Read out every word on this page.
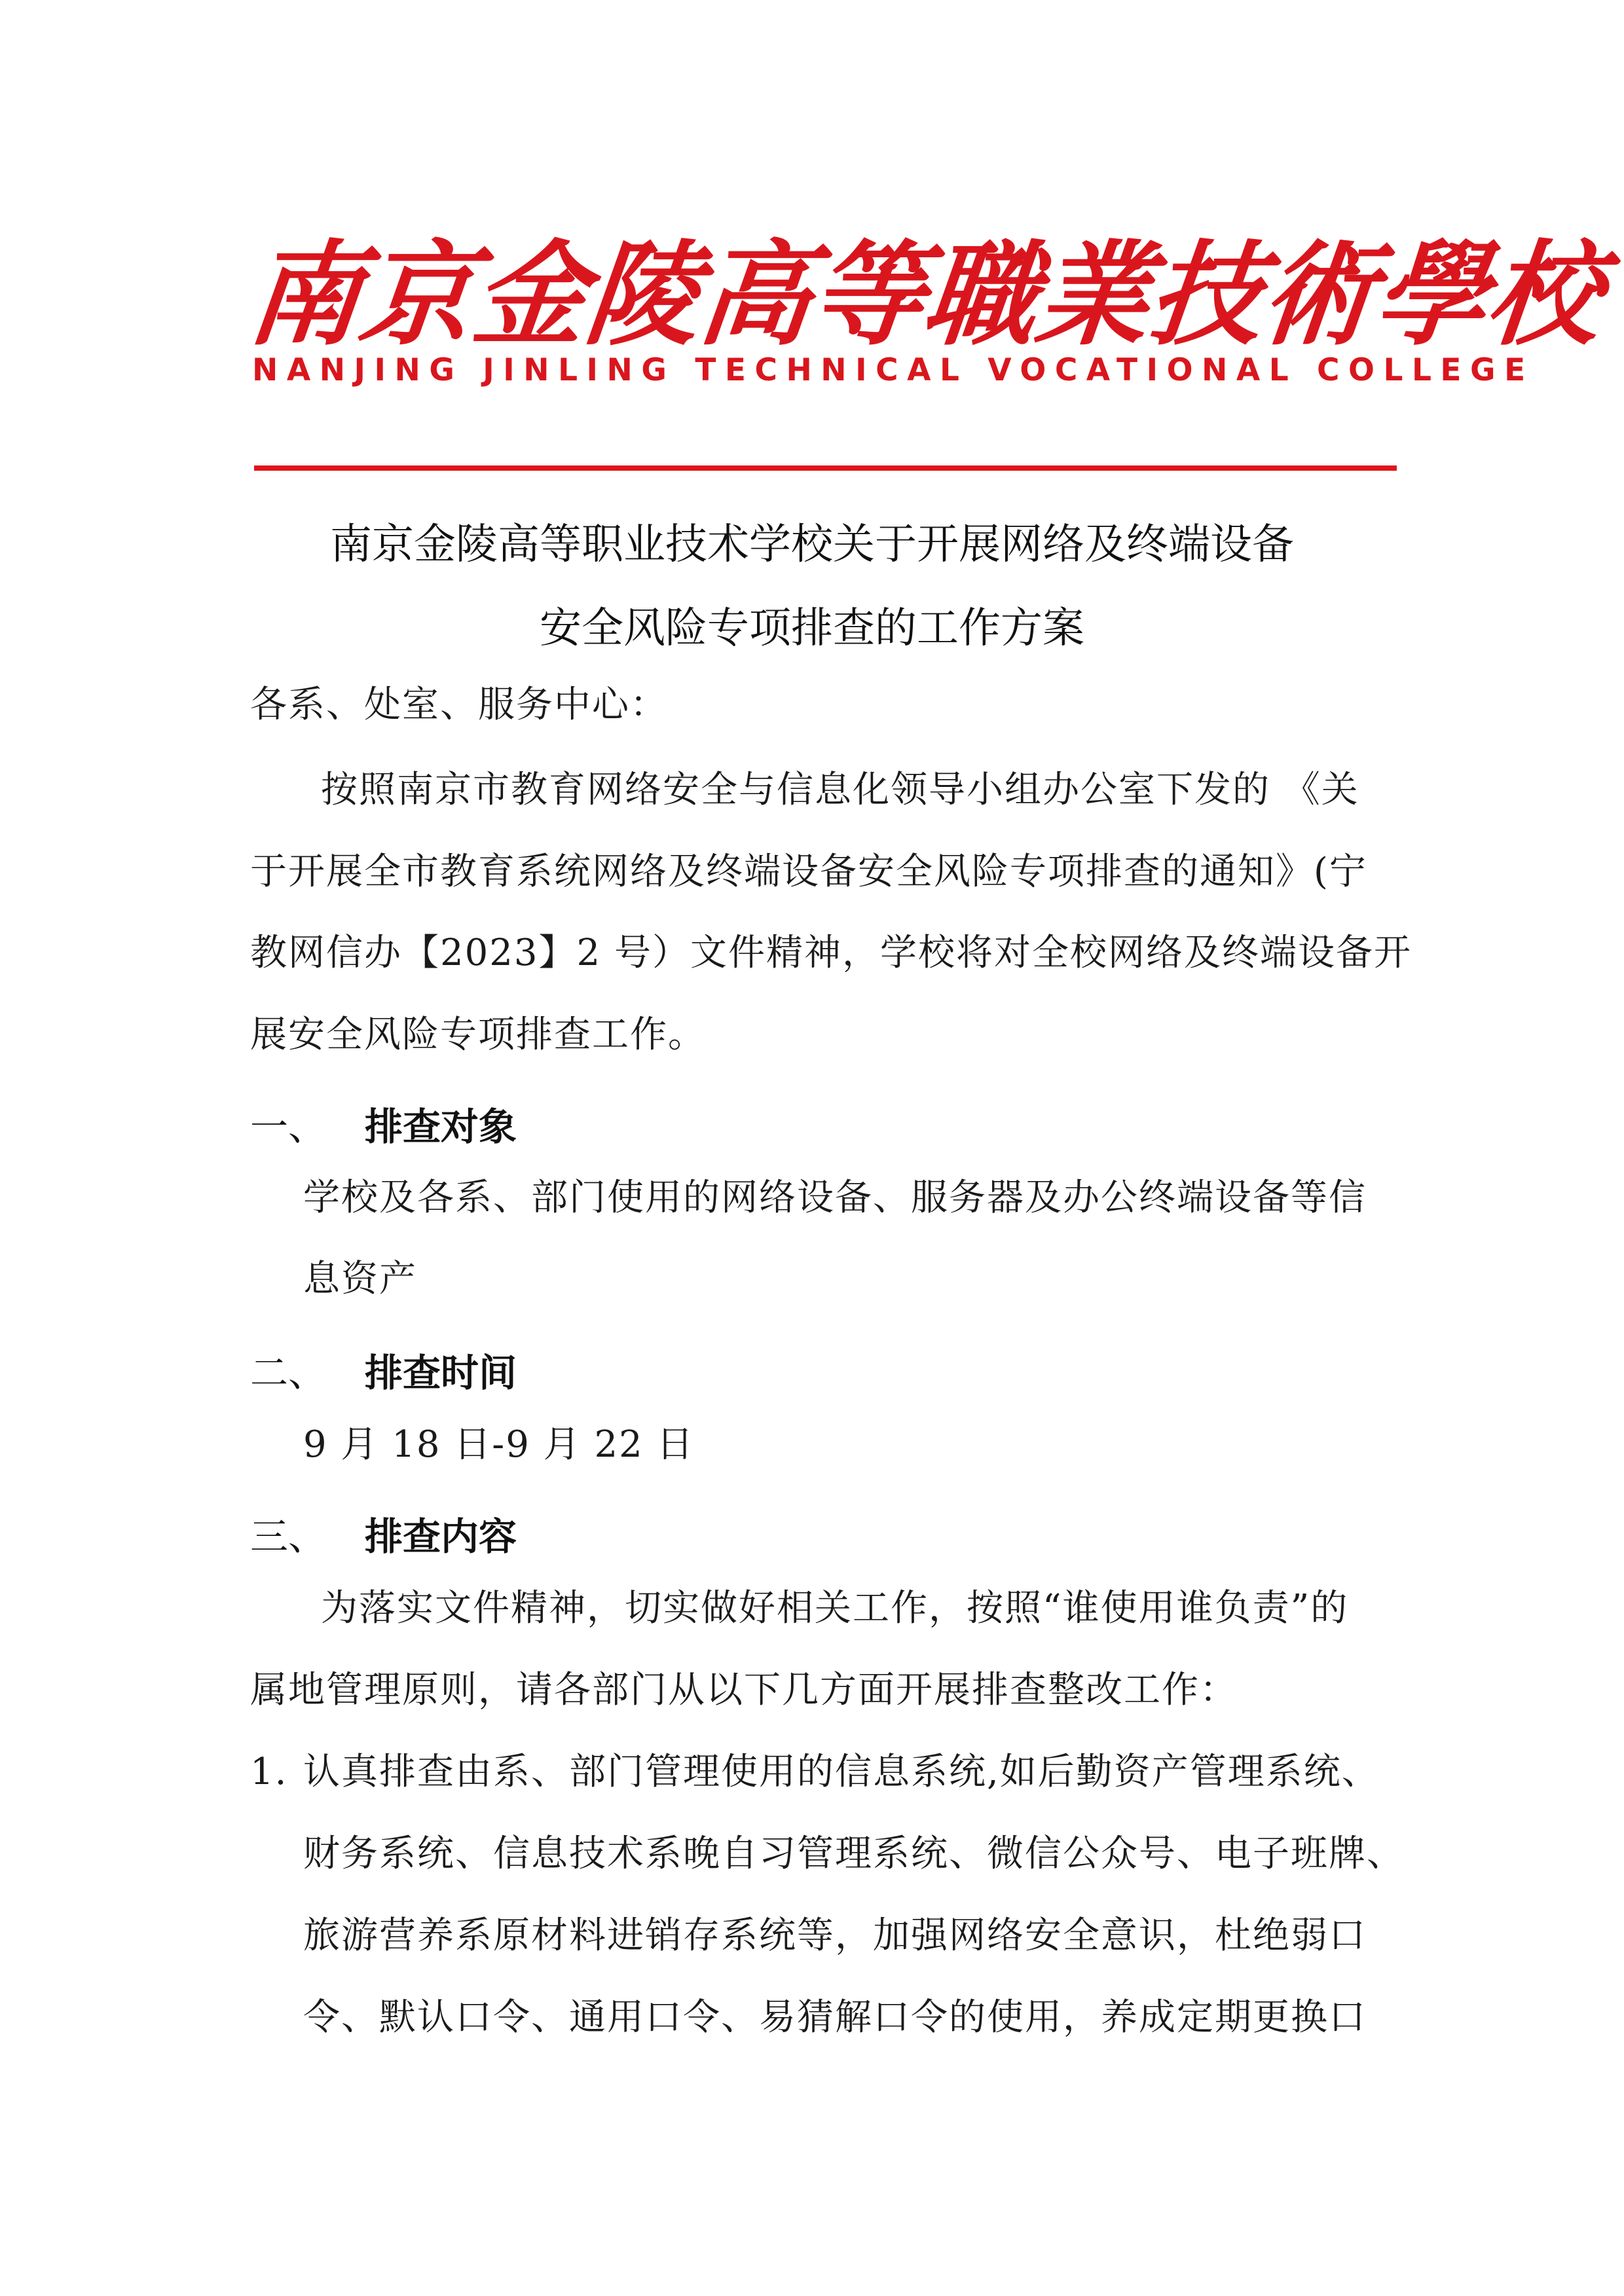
南
京
金
陵
高
等
職
業
技
術
學
校
NANJING JINLING TECHNICAL VOCATIONAL COLLEGE
南京金陵高等职业技术学校关于开展网络及终端设备
安全风险专项排查的工作方案
各系、处室、服务中心：
按照南京市教育网络安全与信息化领导小组办公室下发的 《关
于开展全市教育系统网络及终端设备安全风险专项排查的通知》(宁
教网信办【2023】2 号）文件精神，学校将对全校网络及终端设备开
展安全风险专项排查工作。
一、 排查对象
学校及各系、部门使用的网络设备、服务器及办公终端设备等信
息资产
二、 排查时间
9 月 18 日-9 月 22 日
三、 排查内容
为落实文件精神，切实做好相关工作，按照“谁使用谁负责”的
属地管理原则，请各部门从以下几方面开展排查整改工作：
1. 认真排查由系、部门管理使用的信息系统,如后勤资产管理系统、
财务系统、信息技术系晚自习管理系统、微信公众号、电子班牌、
旅游营养系原材料进销存系统等，加强网络安全意识，杜绝弱口
令、默认口令、通用口令、易猜解口令的使用，养成定期更换口
